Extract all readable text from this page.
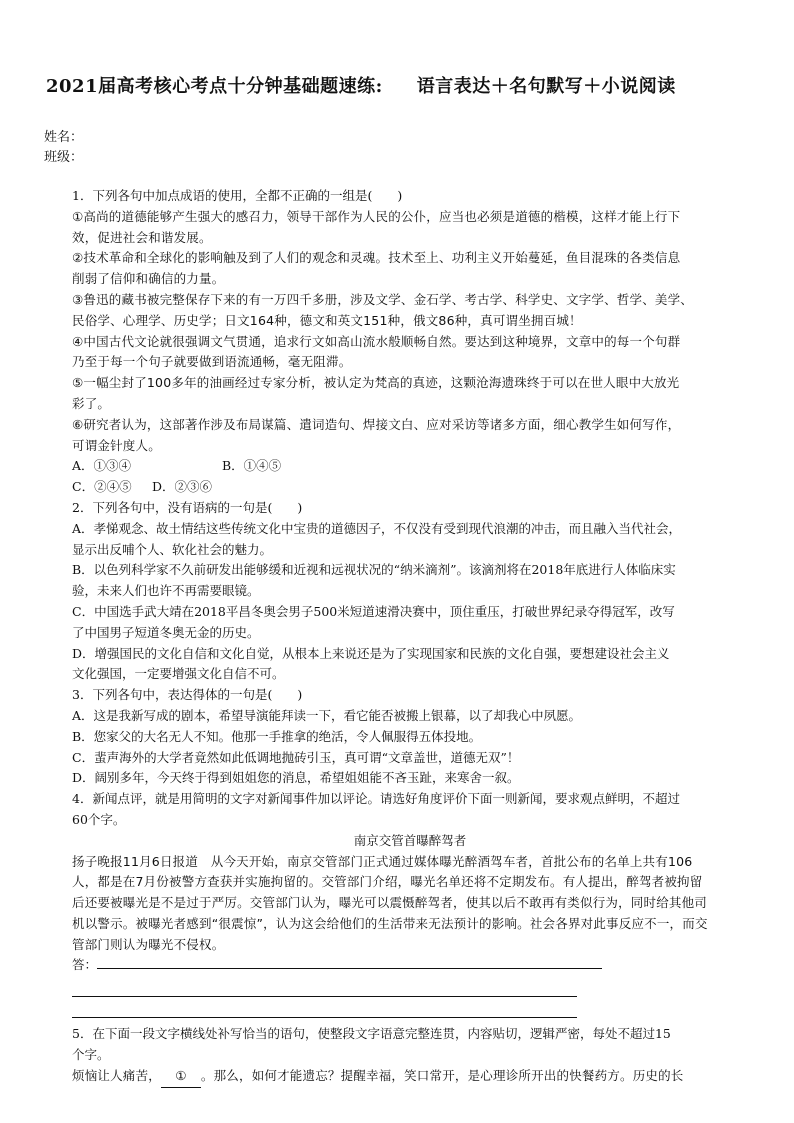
2021届高考核心考点十分钟基础题速练: 语言表达＋名句默写＋小说阅读
姓名：
班级：

1．下列各句中加点成语的使用，全都不正确的一组是(　　)

①高尚的道德能够产生强大的感召力，领导干部作为人民的公仆，应当也必须是道德的楷模，这样才能上行下

效，促进社会和谐发展。

②技术革命和全球化的影响触及到了人们的观念和灵魂。技术至上、功利主义开始蔓延，鱼目混珠的各类信息

削弱了信仰和确信的力量。

③鲁迅的藏书被完整保存下来的有一万四千多册，涉及文学、金石学、考古学、科学史、文字学、哲学、美学、

民俗学、心理学、历史学；日文164种，德文和英文151种，俄文86种，真可谓坐拥百城！

④中国古代文论就很强调文气贯通，追求行文如高山流水般顺畅自然。要达到这种境界，文章中的每一个句群

乃至于每一个句子就要做到语流通畅，毫无阻滞。

⑤一幅尘封了100多年的油画经过专家分析，被认定为梵高的真迹，这颗沧海遗珠终于可以在世人眼中大放光

彩了。

⑥研究者认为，这部著作涉及布局谋篇、遣词造句、焊接文白、应对采访等诸多方面，细心教学生如何写作，

可谓金针度人。

A．①③④	B．①④⑤

C．②④⑤ D．②③⑥

2．下列各句中，没有语病的一句是(　　)

A．孝悌观念、故土情结这些传统文化中宝贵的道德因子，不仅没有受到现代浪潮的冲击，而且融入当代社会，

显示出反哺个人、软化社会的魅力。

B．以色列科学家不久前研发出能够缓和近视和远视状况的“纳米滴剂”。该滴剂将在2018年底进行人体临床实

验，未来人们也许不再需要眼镜。

C．中国选手武大靖在2018平昌冬奥会男子500米短道速滑决赛中，顶住重压，打破世界纪录夺得冠军，改写

了中国男子短道冬奥无金的历史。

D．增强国民的文化自信和文化自觉，从根本上来说还是为了实现国家和民族的文化自强，要想建设社会主义

文化强国，一定要增强文化自信不可。

3．下列各句中，表达得体的一句是(　　)

A．这是我新写成的剧本，希望导演能拜读一下，看它能否被搬上银幕，以了却我心中夙愿。

B．您家父的大名无人不知。他那一手推拿的绝活，令人佩服得五体投地。

C．蜚声海外的大学者竟然如此低调地抛砖引玉，真可谓“文章盖世，道德无双”！

D．阔别多年，今天终于得到姐姐您的消息，希望姐姐能不吝玉趾，来寒舍一叙。

4．新闻点评，就是用简明的文字对新闻事件加以评论。请选好角度评价下面一则新闻，要求观点鲜明，不超过

60个字。

南京交管首曝醉驾者

扬子晚报11月6日报道　从今天开始，南京交管部门正式通过媒体曝光醉酒驾车者，首批公布的名单上共有106

人，都是在7月份被警方查获并实施拘留的。交管部门介绍，曝光名单还将不定期发布。有人提出，醉驾者被拘留

后还要被曝光是不是过于严厉。交管部门认为，曝光可以震慑醉驾者，使其以后不敢再有类似行为，同时给其他司

机以警示。被曝光者感到“很震惊”，认为这会给他们的生活带来无法预计的影响。社会各界对此事反应不一，而交

管部门则认为曝光不侵权。

答：

5．在下面一段文字横线处补写恰当的语句，使整段文字语意完整连贯，内容贴切，逻辑严密，每处不超过15

个字。

烦恼让人痛苦， ① 。那么，如何才能遗忘？提醒幸福，笑口常开，是心理诊所开出的快餐药方。历史的长
